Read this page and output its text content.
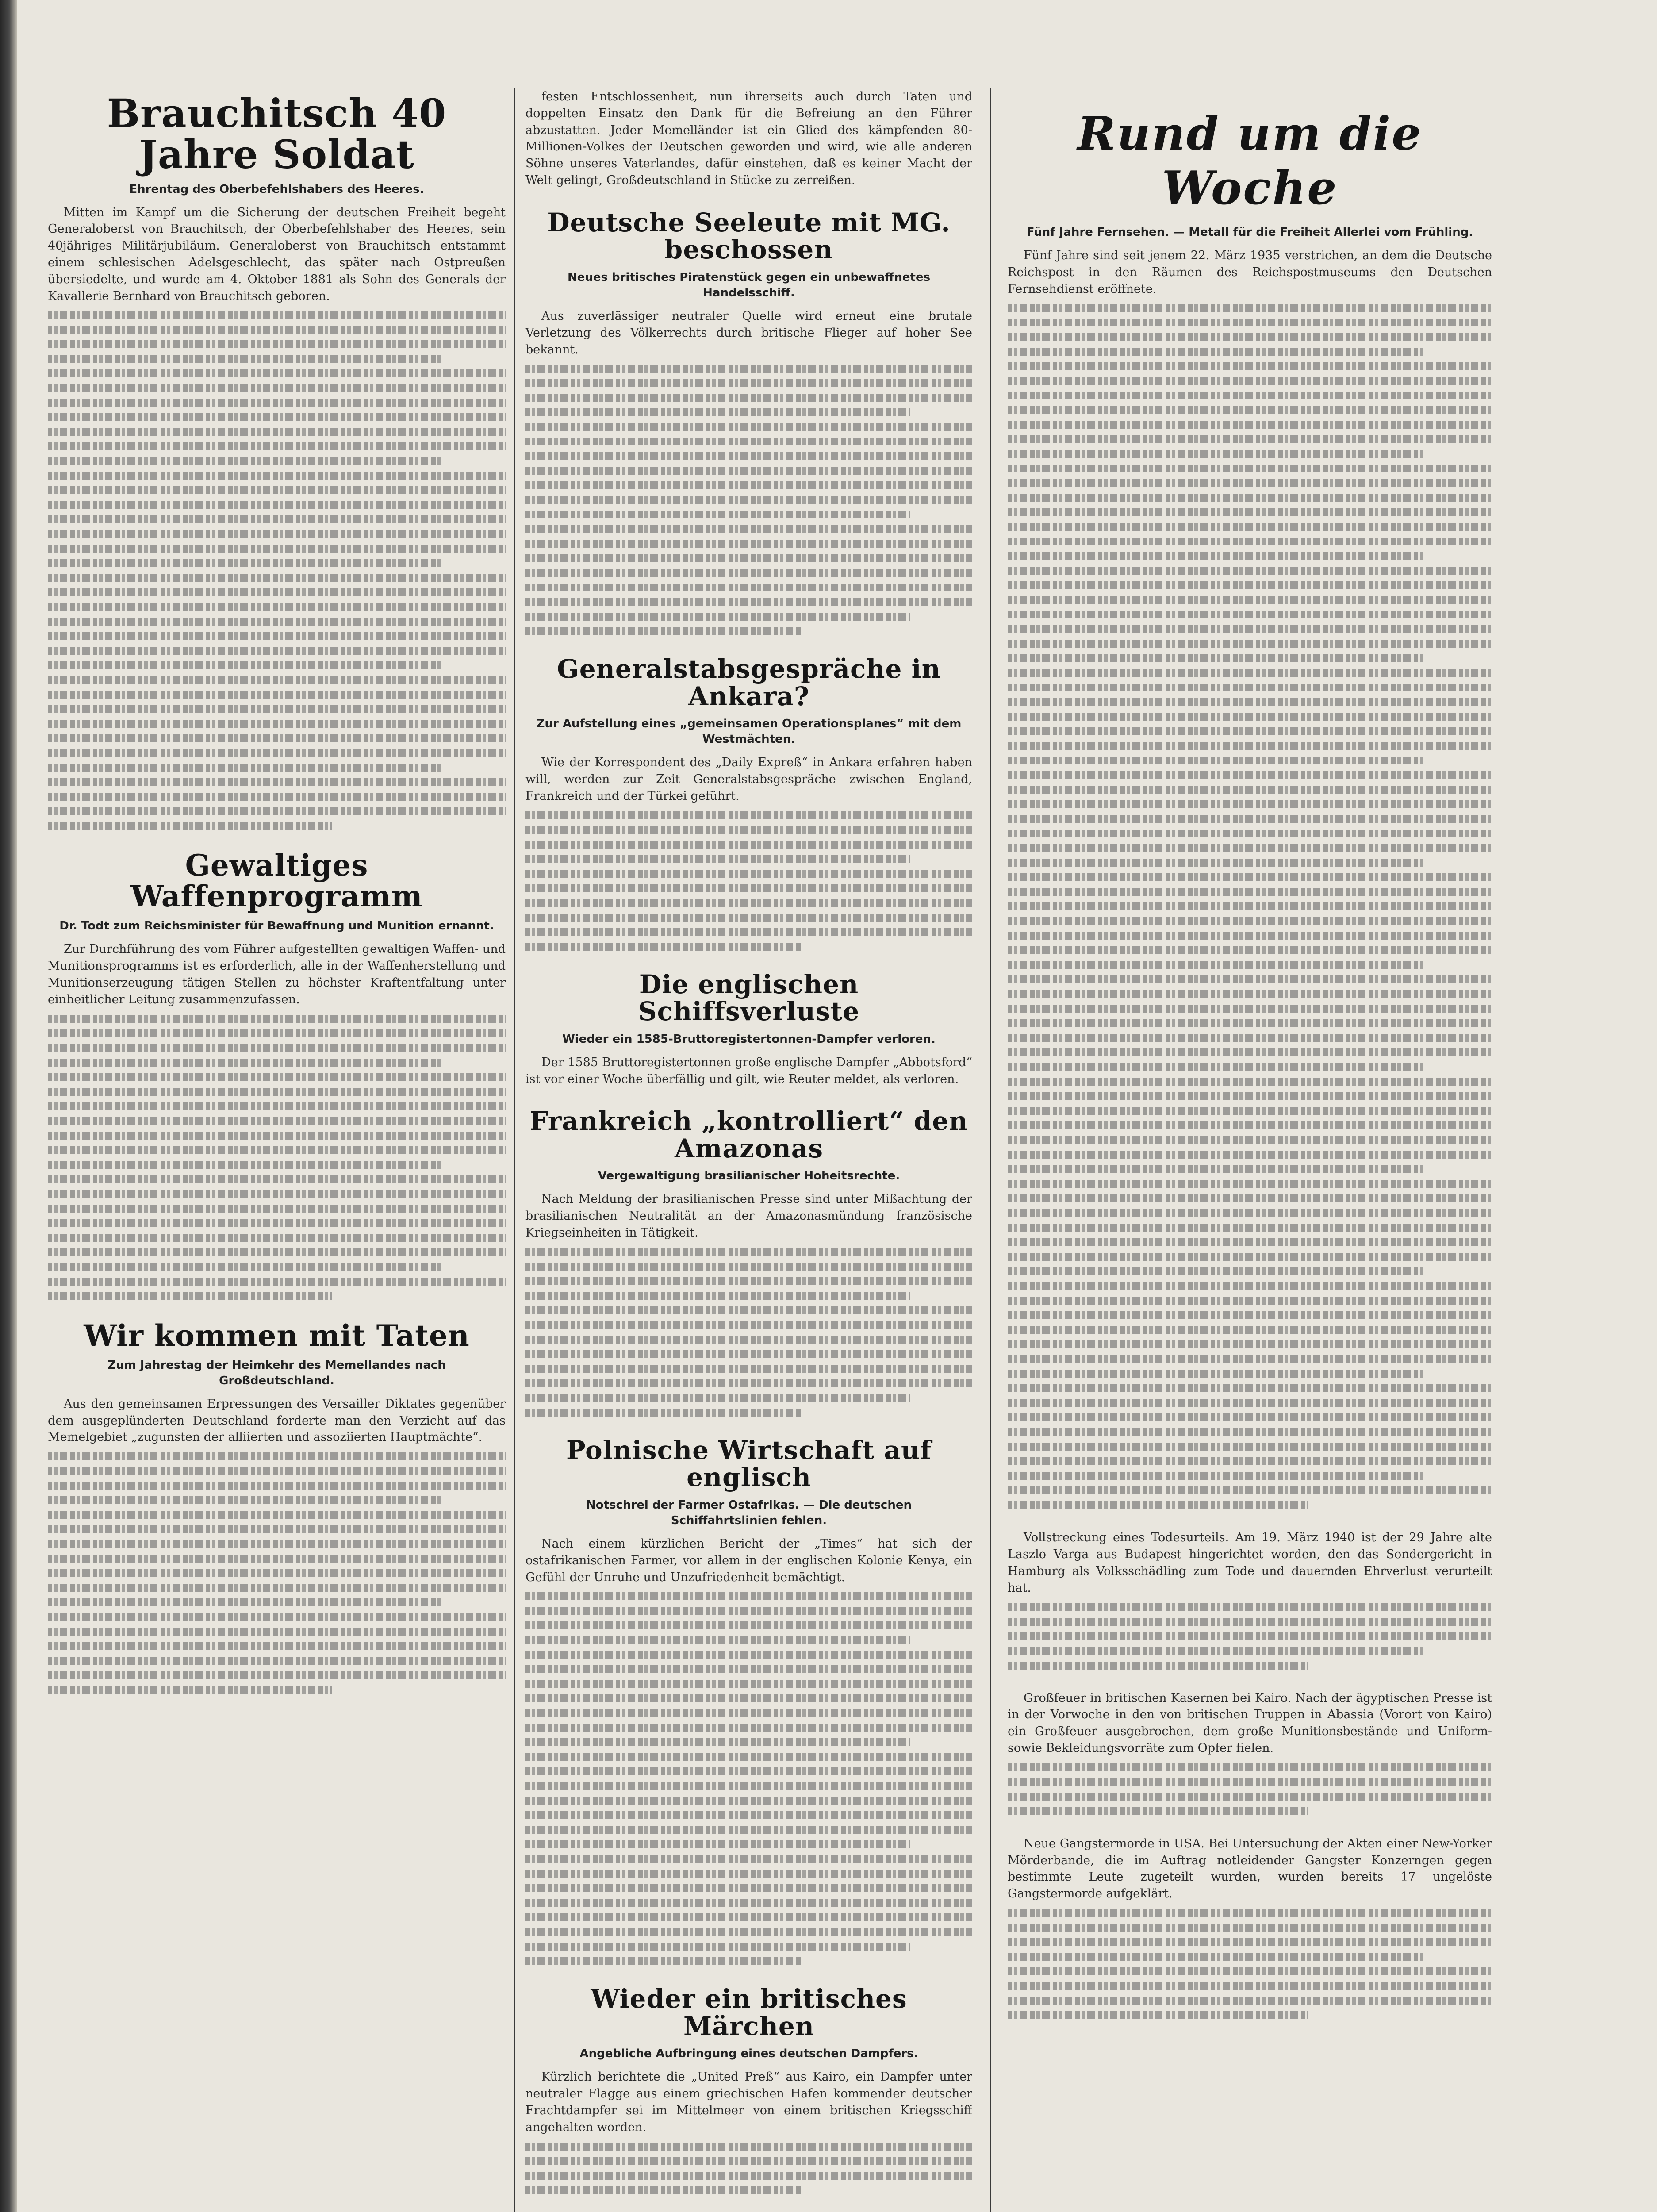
Brauchitsch 40 Jahre Soldat
Ehrentag des Oberbefehlshabers des Heeres.

Mitten im Kampf um die Sicherung der deutschen Freiheit begeht Generaloberst von Brauchitsch, der Oberbefehlshaber des Heeres, sein 40jähriges Militärjubiläum. Generaloberst von Brauchitsch entstammt einem schlesischen Adelsgeschlecht, das später nach Ostpreußen übersiedelte, und wurde am 4. Oktober 1881 als Sohn des Generals der Kavallerie Bernhard von Brauchitsch geboren.

Gewaltiges Waffenprogramm
Dr. Todt zum Reichsminister für Bewaffnung und Munition ernannt.

Zur Durchführung des vom Führer aufgestellten gewaltigen Waffen- und Munitionsprogramms ist es erforderlich, alle in der Waffenherstellung und Munitionserzeugung tätigen Stellen zu höchster Kraftentfaltung unter einheitlicher Leitung zusammenzufassen.

Wir kommen mit Taten
Zum Jahrestag der Heimkehr des Memellandes nach Großdeutschland.

Aus den gemeinsamen Erpressungen des Versailler Diktates gegenüber dem ausgeplünderten Deutschland forderte man den Verzicht auf das Memelgebiet „zugunsten der alliierten und assoziierten Hauptmächte“.

festen Entschlossenheit, nun ihrerseits auch durch Taten und doppelten Einsatz den Dank für die Befreiung an den Führer abzustatten. Jeder Memelländer ist ein Glied des kämpfenden 80-Millionen-Volkes der Deutschen geworden und wird, wie alle anderen Söhne unseres Vaterlandes, dafür einstehen, daß es keiner Macht der Welt gelingt, Großdeutschland in Stücke zu zerreißen.

Deutsche Seeleute mit MG. beschossen
Neues britisches Piratenstück gegen ein unbewaffnetes Handelsschiff.

Aus zuverlässiger neutraler Quelle wird erneut eine brutale Verletzung des Völkerrechts durch britische Flieger auf hoher See bekannt.

Generalstabsgespräche in Ankara?
Zur Aufstellung eines „gemeinsamen Operationsplanes“ mit dem Westmächten.

Wie der Korrespondent des „Daily Expreß“ in Ankara erfahren haben will, werden zur Zeit Generalstabsgespräche zwischen England, Frankreich und der Türkei geführt.

Die englischen Schiffsverluste
Wieder ein 1585-Bruttoregistertonnen-Dampfer verloren.

Der 1585 Bruttoregistertonnen große englische Dampfer „Abbotsford“ ist vor einer Woche überfällig und gilt, wie Reuter meldet, als verloren.

Frankreich „kontrolliert“ den Amazonas
Vergewaltigung brasilianischer Hoheitsrechte.

Nach Meldung der brasilianischen Presse sind unter Mißachtung der brasilianischen Neutralität an der Amazonasmündung französische Kriegseinheiten in Tätigkeit.

Polnische Wirtschaft auf englisch
Notschrei der Farmer Ostafrikas. — Die deutschen Schiffahrtslinien fehlen.

Nach einem kürzlichen Bericht der „Times“ hat sich der ostafrikanischen Farmer, vor allem in der englischen Kolonie Kenya, ein Gefühl der Unruhe und Unzufriedenheit bemächtigt.

Wieder ein britisches Märchen
Angebliche Aufbringung eines deutschen Dampfers.

Kürzlich berichtete die „United Preß“ aus Kairo, ein Dampfer unter neutraler Flagge aus einem griechischen Hafen kommender deutscher Frachtdampfer sei im Mittelmeer von einem britischen Kriegsschiff angehalten worden.

Rund um die Woche
Fünf Jahre Fernsehen. — Metall für die Freiheit Allerlei vom Frühling.

Fünf Jahre sind seit jenem 22. März 1935 verstrichen, an dem die Deutsche Reichspost in den Räumen des Reichspostmuseums den Deutschen Fernsehdienst eröffnete.

Vollstreckung eines Todesurteils. Am 19. März 1940 ist der 29 Jahre alte Laszlo Varga aus Budapest hingerichtet worden, den das Sondergericht in Hamburg als Volksschädling zum Tode und dauernden Ehrverlust verurteilt hat.

Großfeuer in britischen Kasernen bei Kairo. Nach der ägyptischen Presse ist in der Vorwoche in den von britischen Truppen in Abassia (Vorort von Kairo) ein Großfeuer ausgebrochen, dem große Munitionsbestände und Uniform- sowie Bekleidungsvorräte zum Opfer fielen.

Neue Gangstermorde in USA. Bei Untersuchung der Akten einer New-Yorker Mörderbande, die im Auftrag notleidender Gangster Konzerngen gegen bestimmte Leute zugeteilt wurden, wurden bereits 17 ungelöste Gangstermorde aufgeklärt.
